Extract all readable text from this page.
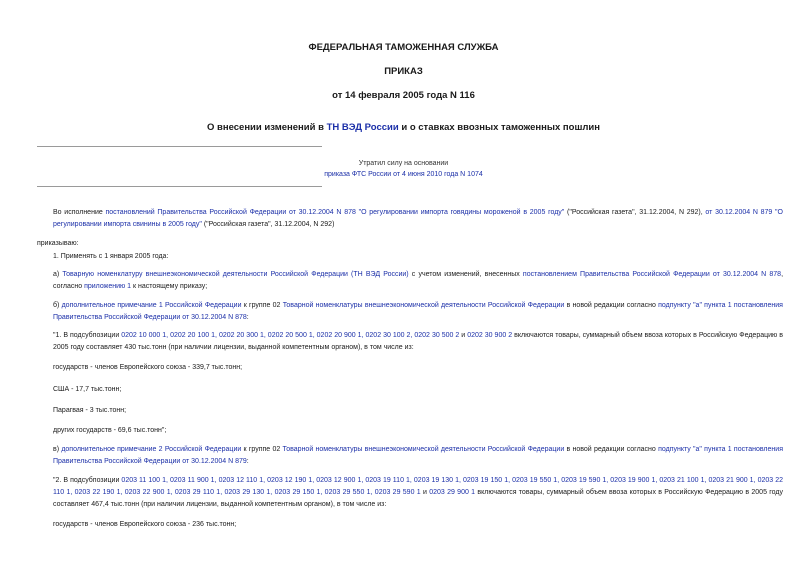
ФЕДЕРАЛЬНАЯ ТАМОЖЕННАЯ СЛУЖБА
ПРИКАЗ
от 14 февраля 2005 года N 116
О внесении изменений в ТН ВЭД России и о ставках ввозных таможенных пошлин
Утратил силу на основании
приказа ФТС России от 4 июня 2010 года N 1074
Во исполнение постановлений Правительства Российской Федерации от 30.12.2004 N 878 "О регулировании импорта говядины мороженой в 2005 году" ("Российская газета", 31.12.2004, N 292), от 30.12.2004 N 879 "О регулировании импорта свинины в 2005 году" ("Российская газета", 31.12.2004, N 292)
приказываю:
1. Применять с 1 января 2005 года:
а) Товарную номенклатуру внешнеэкономической деятельности Российской Федерации (ТН ВЭД России) с учетом изменений, внесенных постановлением Правительства Российской Федерации от 30.12.2004 N 878, согласно приложению 1 к настоящему приказу;
б) дополнительное примечание 1 Российской Федерации к группе 02 Товарной номенклатуры внешнеэкономической деятельности Российской Федерации в новой редакции согласно подпункту "а" пункта 1 постановления Правительства Российской Федерации от 30.12.2004 N 878:
"1. В подсубпозиции 0202 10 000 1, 0202 20 100 1, 0202 20 300 1, 0202 20 500 1, 0202 20 900 1, 0202 30 100 2, 0202 30 500 2 и 0202 30 900 2 включаются товары, суммарный объем ввоза которых в Российскую Федерацию в 2005 году составляет 430 тыс.тонн (при наличии лицензии, выданной компетентным органом), в том числе из:
государств - членов Европейского союза - 339,7 тыс.тонн;
США - 17,7 тыс.тонн;
Парагвая - 3 тыс.тонн;
других государств - 69,6 тыс.тонн";
в) дополнительное примечание 2 Российской Федерации к группе 02 Товарной номенклатуры внешнеэкономической деятельности Российской Федерации в новой редакции согласно подпункту "а" пункта 1 постановления Правительства Российской Федерации от 30.12.2004 N 879:
"2. В подсубпозиции 0203 11 100 1, 0203 11 900 1, 0203 12 110 1, 0203 12 190 1, 0203 12 900 1, 0203 19 110 1, 0203 19 130 1, 0203 19 150 1, 0203 19 550 1, 0203 19 590 1, 0203 19 900 1, 0203 21 100 1, 0203 21 900 1, 0203 22 110 1, 0203 22 190 1, 0203 22 900 1, 0203 29 110 1, 0203 29 130 1, 0203 29 150 1, 0203 29 550 1, 0203 29 590 1 и 0203 29 900 1 включаются товары, суммарный объем ввоза которых в Российскую Федерацию в 2005 году составляет 467,4 тыс.тонн (при наличии лицензии, выданной компетентным органом), в том числе из:
государств - членов Европейского союза - 236 тыс.тонн;
